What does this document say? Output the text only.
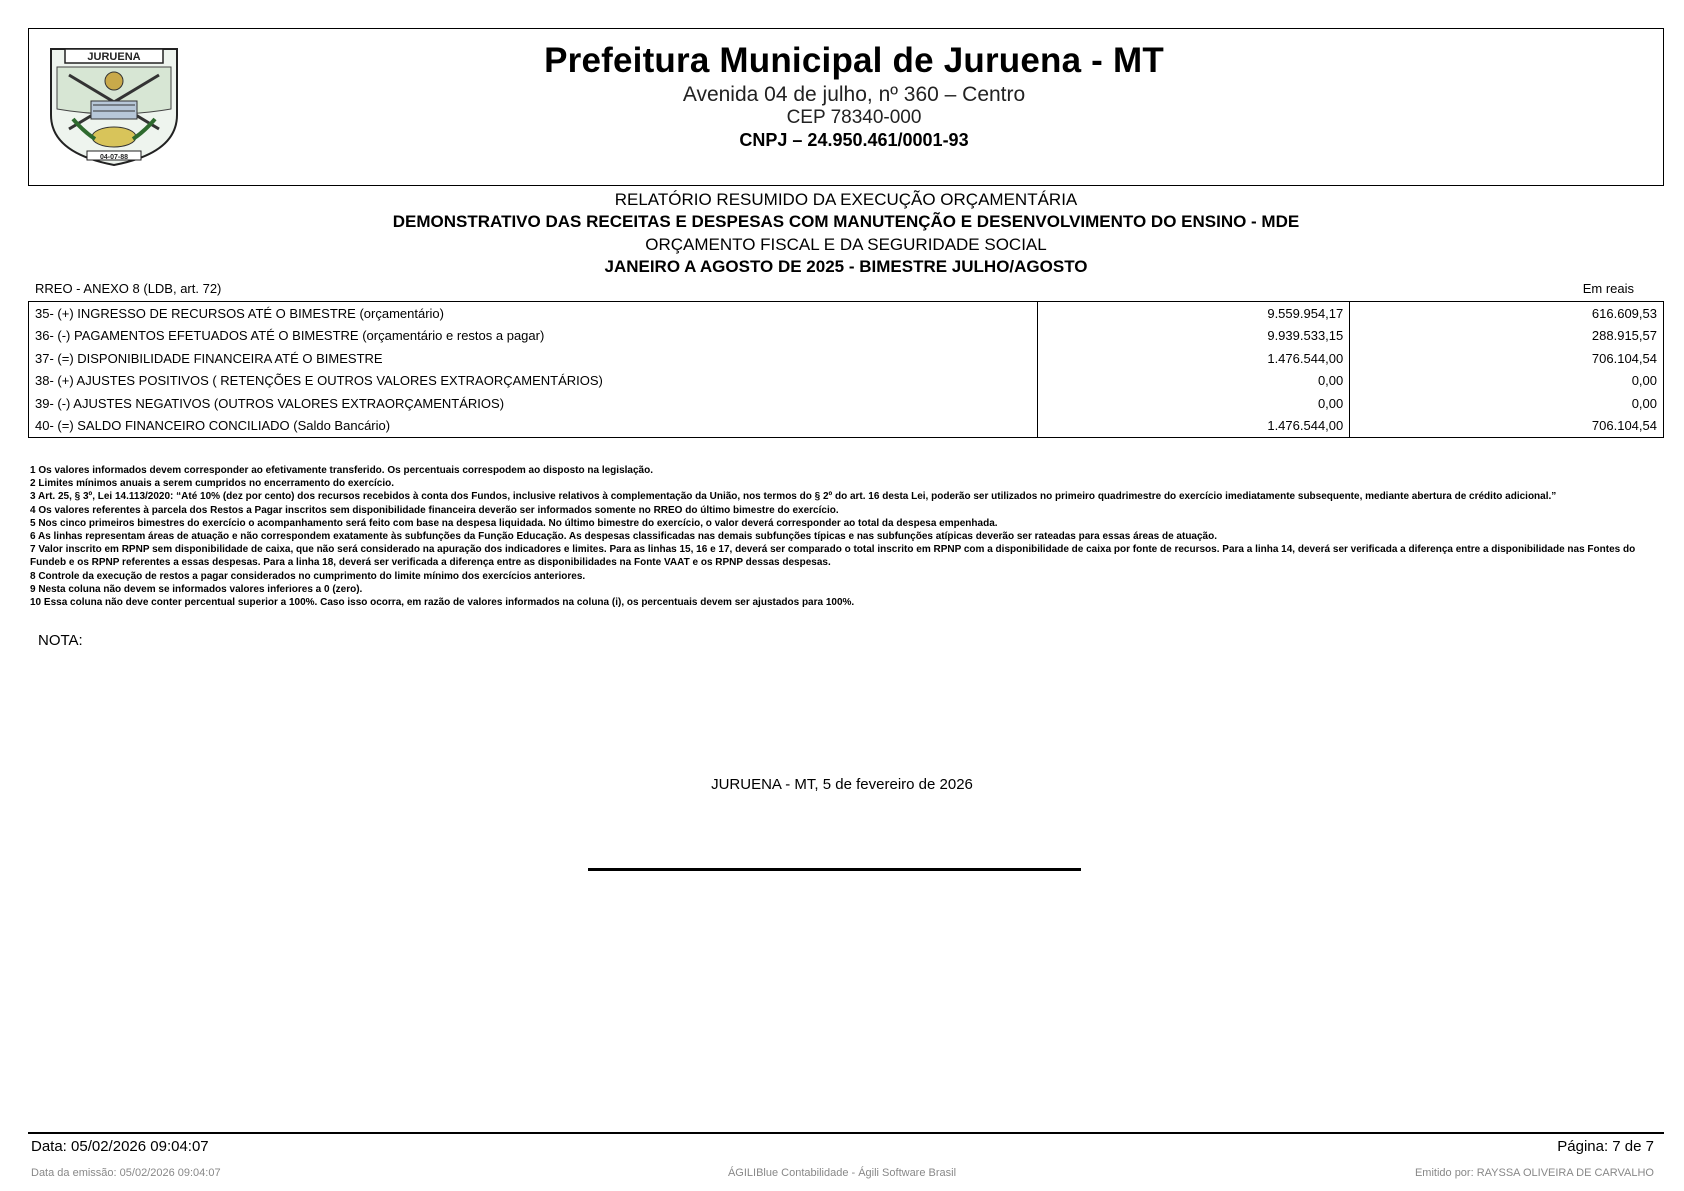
JURUENA
04-07-88
Prefeitura Municipal de Juruena - MT
Avenida 04 de julho, nº 360 – Centro
CEP 78340-000
CNPJ – 24.950.461/0001-93
RELATÓRIO RESUMIDO DA EXECUÇÃO ORÇAMENTÁRIA
DEMONSTRATIVO DAS RECEITAS E DESPESAS COM MANUTENÇÃO E DESENVOLVIMENTO DO ENSINO - MDE
ORÇAMENTO FISCAL E DA SEGURIDADE SOCIAL
JANEIRO A AGOSTO DE 2025 - BIMESTRE JULHO/AGOSTO
RREO - ANEXO 8 (LDB, art. 72)	Em reais
35- (+) INGRESSO DE RECURSOS ATÉ O BIMESTRE (orçamentário)	9.559.954,17	616.609,53
36- (-) PAGAMENTOS EFETUADOS ATÉ O BIMESTRE (orçamentário e restos a pagar)	9.939.533,15	288.915,57
37- (=) DISPONIBILIDADE FINANCEIRA ATÉ O BIMESTRE	1.476.544,00	706.104,54
38- (+) AJUSTES POSITIVOS ( RETENÇÕES E OUTROS VALORES EXTRAORÇAMENTÁRIOS)	0,00	0,00
39- (-) AJUSTES NEGATIVOS (OUTROS VALORES EXTRAORÇAMENTÁRIOS)	0,00	0,00
40- (=) SALDO FINANCEIRO CONCILIADO (Saldo Bancário)	1.476.544,00	706.104,54
1 Os valores informados devem corresponder ao efetivamente transferido. Os percentuais correspodem ao disposto na legislação.
2 Limites mínimos anuais a serem cumpridos no encerramento do exercício.
3 Art. 25, § 3º, Lei 14.113/2020: “Até 10% (dez por cento) dos recursos recebidos à conta dos Fundos, inclusive relativos à complementação da União, nos termos do § 2º do art. 16 desta Lei, poderão ser utilizados no primeiro quadrimestre do exercício imediatamente subsequente, mediante abertura de crédito adicional.”
4 Os valores referentes à parcela dos Restos a Pagar inscritos sem disponibilidade financeira deverão ser informados somente no RREO do último bimestre do exercício.
5 Nos cinco primeiros bimestres do exercício o acompanhamento será feito com base na despesa liquidada. No último bimestre do exercício, o valor deverá corresponder ao total da despesa empenhada.
6 As linhas representam áreas de atuação e não correspondem exatamente às subfunções da Função Educação. As despesas classificadas nas demais subfunções típicas e nas subfunções atípicas deverão ser rateadas para essas áreas de atuação.
7 Valor inscrito em RPNP sem disponibilidade de caixa, que não será considerado na apuração dos indicadores e limites. Para as linhas 15, 16 e 17, deverá ser comparado o total inscrito em RPNP com a disponibilidade de caixa por fonte de recursos. Para a linha 14, deverá ser verificada a diferença entre a disponibilidade nas Fontes do Fundeb e os RPNP referentes a essas despesas. Para a linha 18, deverá ser verificada a diferença entre as disponibilidades na Fonte VAAT e os RPNP dessas despesas.
8 Controle da execução de restos a pagar considerados no cumprimento do limite mínimo dos exercícios anteriores.
9 Nesta coluna não devem se informados valores inferiores a 0 (zero).
10 Essa coluna não deve conter percentual superior a 100%. Caso isso ocorra, em razão de valores informados na coluna (i), os percentuais devem ser ajustados para 100%.
NOTA:
JURUENA - MT, 5 de fevereiro de 2026
Data: 05/02/2026 09:04:07	Página: 7 de 7
Data da emissão: 05/02/2026 09:04:07	ÁGILIBlue Contabilidade - Ágili Software Brasil	Emitido por: RAYSSA OLIVEIRA DE CARVALHO
